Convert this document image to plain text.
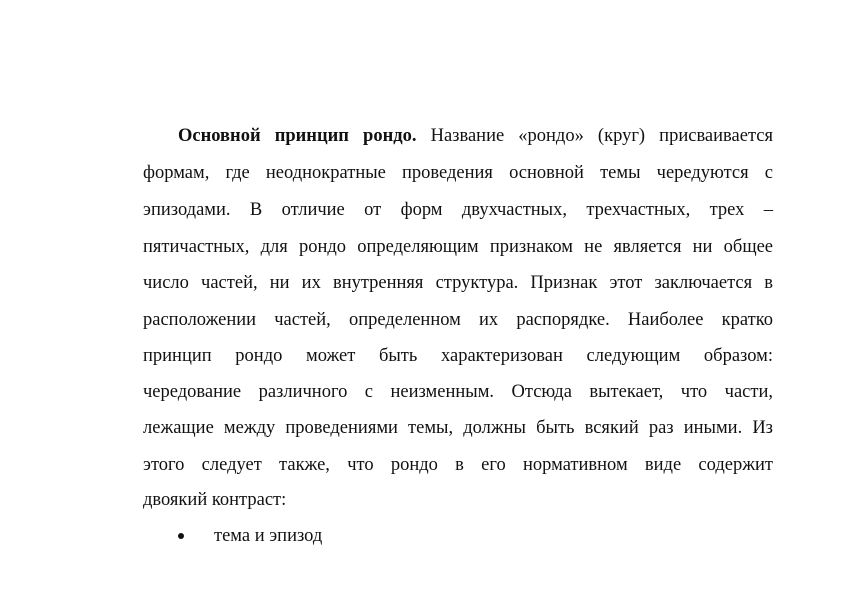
Основной принцип рондо. Название «рондо» (круг) присваивается
формам, где неоднократные проведения основной темы чередуются с
эпизодами. В отличие от форм двухчастных, трехчастных, трех –
пятичастных, для рондо определяющим признаком не является ни общее
число частей, ни их внутренняя структура. Признак этот заключается в
расположении частей, определенном их распорядке. Наиболее кратко
принцип рондо может быть характеризован следующим образом:
чередование различного с неизменным. Отсюда вытекает, что части,
лежащие между проведениями темы, должны быть всякий раз иными. Из
этого следует также, что рондо в его нормативном виде содержит
двоякий контраст:
тема и эпизод
